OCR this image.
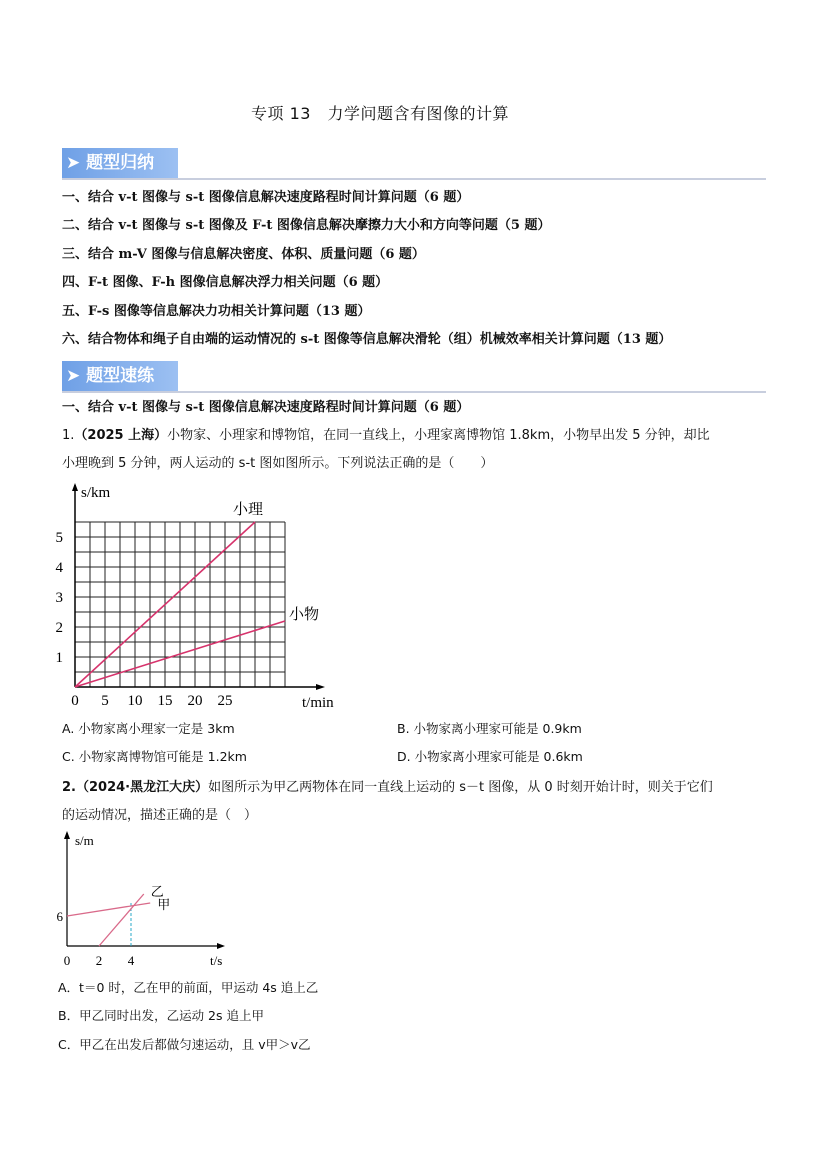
专项 13　力学问题含有图像的计算
➤ 题型归纳
一、结合 v-t 图像与 s-t 图像信息解决速度路程时间计算问题（6 题）
二、结合 v-t 图像与 s-t 图像及 F-t 图像信息解决摩擦力大小和方向等问题（5 题）
三、结合 m-V 图像与信息解决密度、体积、质量问题（6 题）
四、F-t 图像、F-h 图像信息解决浮力相关问题（6 题）
五、F-s 图像等信息解决力功相关计算问题（13 题）
六、结合物体和绳子自由端的运动情况的 s-t 图像等信息解决滑轮（组）机械效率相关计算问题（13 题）
➤ 题型速练
一、结合 v-t 图像与 s-t 图像信息解决速度路程时间计算问题（6 题）
1.（2025 上海）小物家、小理家和博物馆，在同一直线上，小理家离博物馆 1.8km，小物早出发 5 分钟，却比
小理晚到 5 分钟，两人运动的 s-t 图如图所示。下列说法正确的是（　　）
s/km
t/min
0 5 10 15 20 25
1
2
3
4
5
小理
小物
A. 小物家离小理家一定是 3km	B. 小物家离小理家可能是 0.9km
C. 小物家离博物馆可能是 1.2km	D. 小物家离小理家可能是 0.6km
2.（2024·黑龙江大庆）如图所示为甲乙两物体在同一直线上运动的 s－t 图像，从 0 时刻开始计时，则关于它们
的运动情况，描述正确的是（　）
s/m
t/s
0 2 4
6
甲
乙
A．t＝0 时，乙在甲的前面，甲运动 4s 追上乙
B．甲乙同时出发，乙运动 2s 追上甲
C．甲乙在出发后都做匀速运动，且 v甲＞v乙
